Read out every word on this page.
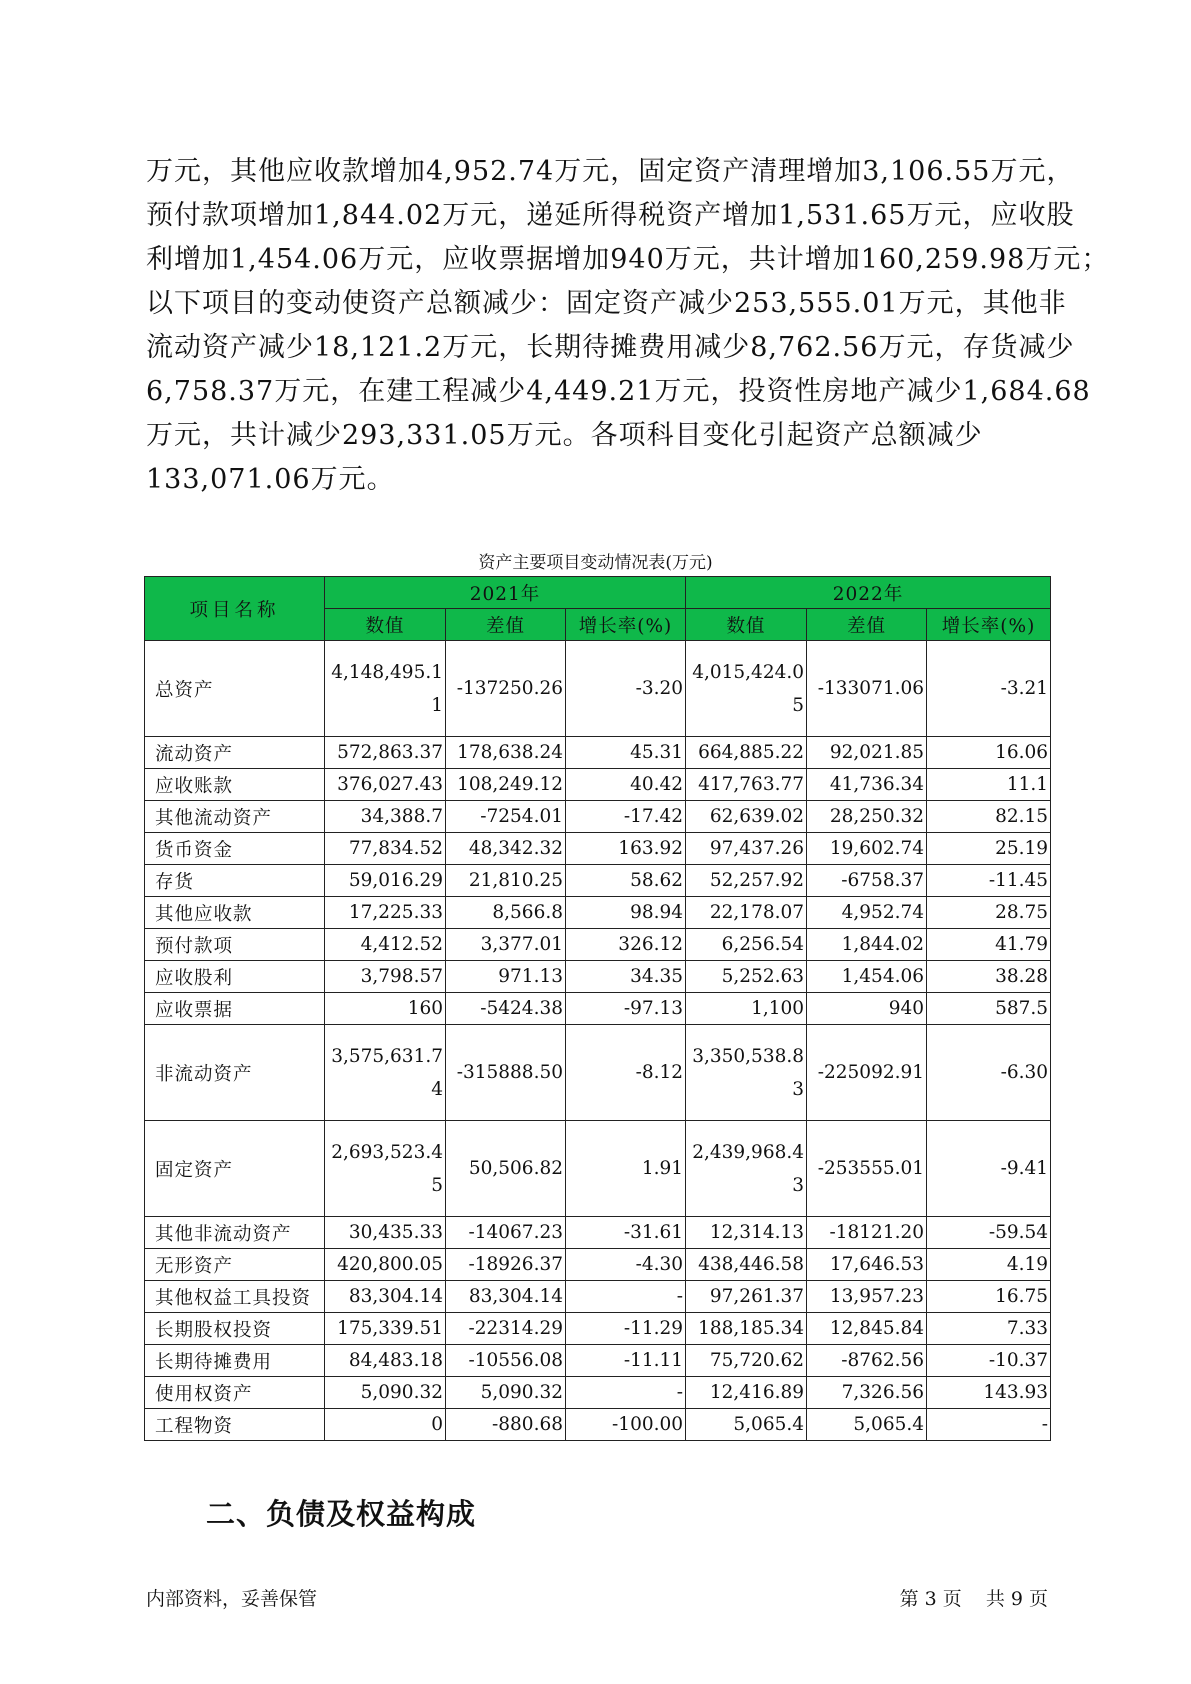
万元，其他应收款增加4,952.74万元，固定资产清理增加3,106.55万元，
预付款项增加1,844.02万元，递延所得税资产增加1,531.65万元，应收股
利增加1,454.06万元，应收票据增加940万元，共计增加160,259.98万元；
以下项目的变动使资产总额减少：固定资产减少253,555.01万元，其他非
流动资产减少18,121.2万元，长期待摊费用减少8,762.56万元，存货减少
6,758.37万元，在建工程减少4,449.21万元，投资性房地产减少1,684.68
万元，共计减少293,331.05万元。各项科目变化引起资产总额减少
133,071.06万元。
资产主要项目变动情况表(万元)
项目名称	2021年			2022年		
	数值	差值	增长率(%)	数值	差值	增长率(%)
总资产	4,148,495.11	-137250.26	-3.20	4,015,424.05	-133071.06	-3.21
流动资产	572,863.37	178,638.24	45.31	664,885.22	92,021.85	16.06
应收账款	376,027.43	108,249.12	40.42	417,763.77	41,736.34	11.1
其他流动资产	34,388.7	-7254.01	-17.42	62,639.02	28,250.32	82.15
货币资金	77,834.52	48,342.32	163.92	97,437.26	19,602.74	25.19
存货	59,016.29	21,810.25	58.62	52,257.92	-6758.37	-11.45
其他应收款	17,225.33	8,566.8	98.94	22,178.07	4,952.74	28.75
预付款项	4,412.52	3,377.01	326.12	6,256.54	1,844.02	41.79
应收股利	3,798.57	971.13	34.35	5,252.63	1,454.06	38.28
应收票据	160	-5424.38	-97.13	1,100	940	587.5
非流动资产	3,575,631.74	-315888.50	-8.12	3,350,538.83	-225092.91	-6.30
固定资产	2,693,523.45	50,506.82	1.91	2,439,968.43	-253555.01	-9.41
其他非流动资产	30,435.33	-14067.23	-31.61	12,314.13	-18121.20	-59.54
无形资产	420,800.05	-18926.37	-4.30	438,446.58	17,646.53	4.19
其他权益工具投资	83,304.14	83,304.14	-	97,261.37	13,957.23	16.75
长期股权投资	175,339.51	-22314.29	-11.29	188,185.34	12,845.84	7.33
长期待摊费用	84,483.18	-10556.08	-11.11	75,720.62	-8762.56	-10.37
使用权资产	5,090.32	5,090.32	-	12,416.89	7,326.56	143.93
工程物资	0	-880.68	-100.00	5,065.4	5,065.4	-
二、负债及权益构成
内部资料，妥善保管	第 3 页 共 9 页
